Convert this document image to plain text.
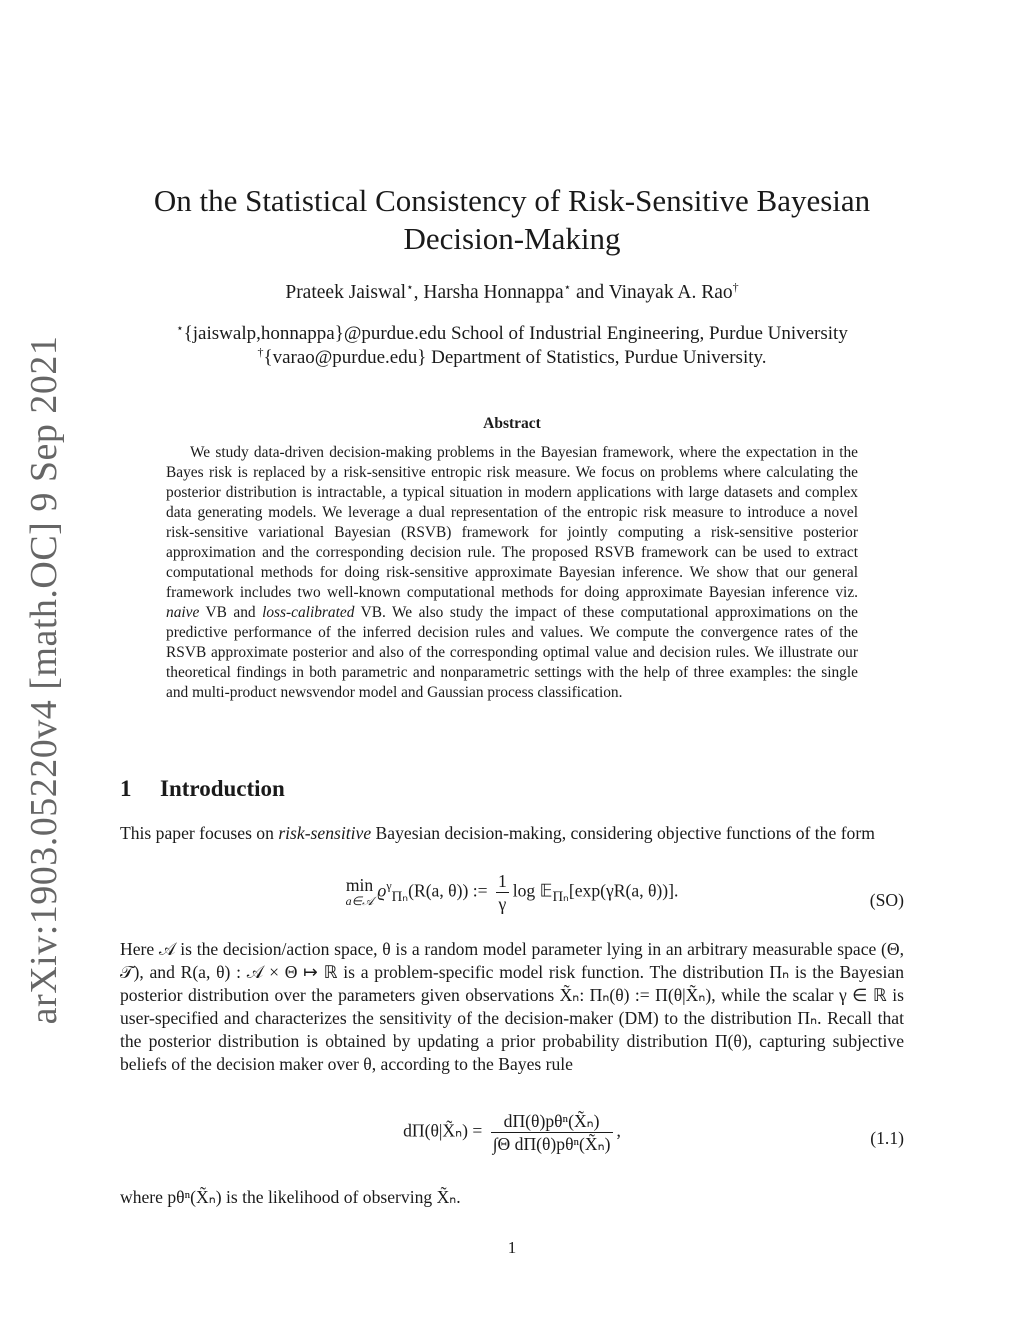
arXiv:1903.05220v4 [math.OC] 9 Sep 2021
On the Statistical Consistency of Risk-Sensitive Bayesian
Decision-Making
Prateek Jaiswal⋆, Harsha Honnappa⋆ and Vinayak A. Rao†
⋆{jaiswalp,honnappa}@purdue.edu School of Industrial Engineering, Purdue University
†{varao@purdue.edu} Department of Statistics, Purdue University.
Abstract

We study data-driven decision-making problems in the Bayesian framework, where the expectation in the Bayes risk is replaced by a risk-sensitive entropic risk measure. We focus on problems where calculating the posterior distribution is intractable, a typical situation in modern applications with large datasets and complex data generating models. We leverage a dual representation of the entropic risk measure to introduce a novel risk-sensitive variational Bayesian (RSVB) framework for jointly computing a risk-sensitive posterior approximation and the corresponding decision rule. The proposed RSVB framework can be used to extract computational methods for doing risk-sensitive approximate Bayesian inference. We show that our general framework includes two well-known computational methods for doing approximate Bayesian inference viz. naive VB and loss-calibrated VB. We also study the impact of these computational approximations on the predictive performance of the inferred decision rules and values. We compute the convergence rates of the RSVB approximate posterior and also of the corresponding optimal value and decision rules. We illustrate our theoretical findings in both parametric and nonparametric settings with the help of three examples: the single and multi-product newsvendor model and Gaussian process classification.

1 Introduction

This paper focuses on risk-sensitive Bayesian decision-making, considering objective functions of the form

min
a∈𝒜 $ϱ^\gamma_{\Pi_n}(R(a$, θ)) := $\frac{1}{\gamma}$ log 𝔼$_{\Pi_n}$[exp(γR(a, θ))].	(SO)

Here 𝒜 is the decision/action space, θ is a random model parameter lying in an arbitrary measurable space (Θ, 𝒯), and R(a, θ) : 𝒜 × Θ ↦ ℝ is a problem-specific model risk function. The distribution Πₙ is the Bayesian posterior distribution over the parameters given observations X̃ₙ: Πₙ(θ) := Π(θ|X̃ₙ), while the scalar γ ∈ ℝ is user-specified and characterizes the sensitivity of the decision-maker (DM) to the distribution Πₙ. Recall that the posterior distribution is obtained by updating a prior probability distribution Π(θ), capturing subjective beliefs of the decision maker over θ, according to the Bayes rule

dΠ(θ|X̃ₙ) = $\frac{\text{dΠ(θ)pθⁿ(X̃ₙ)}}{\text{∫Θ dΠ(θ)pθⁿ(X̃ₙ)}}$ ,	(1.1)

where pθⁿ(X̃ₙ) is the likelihood of observing X̃ₙ.

1
